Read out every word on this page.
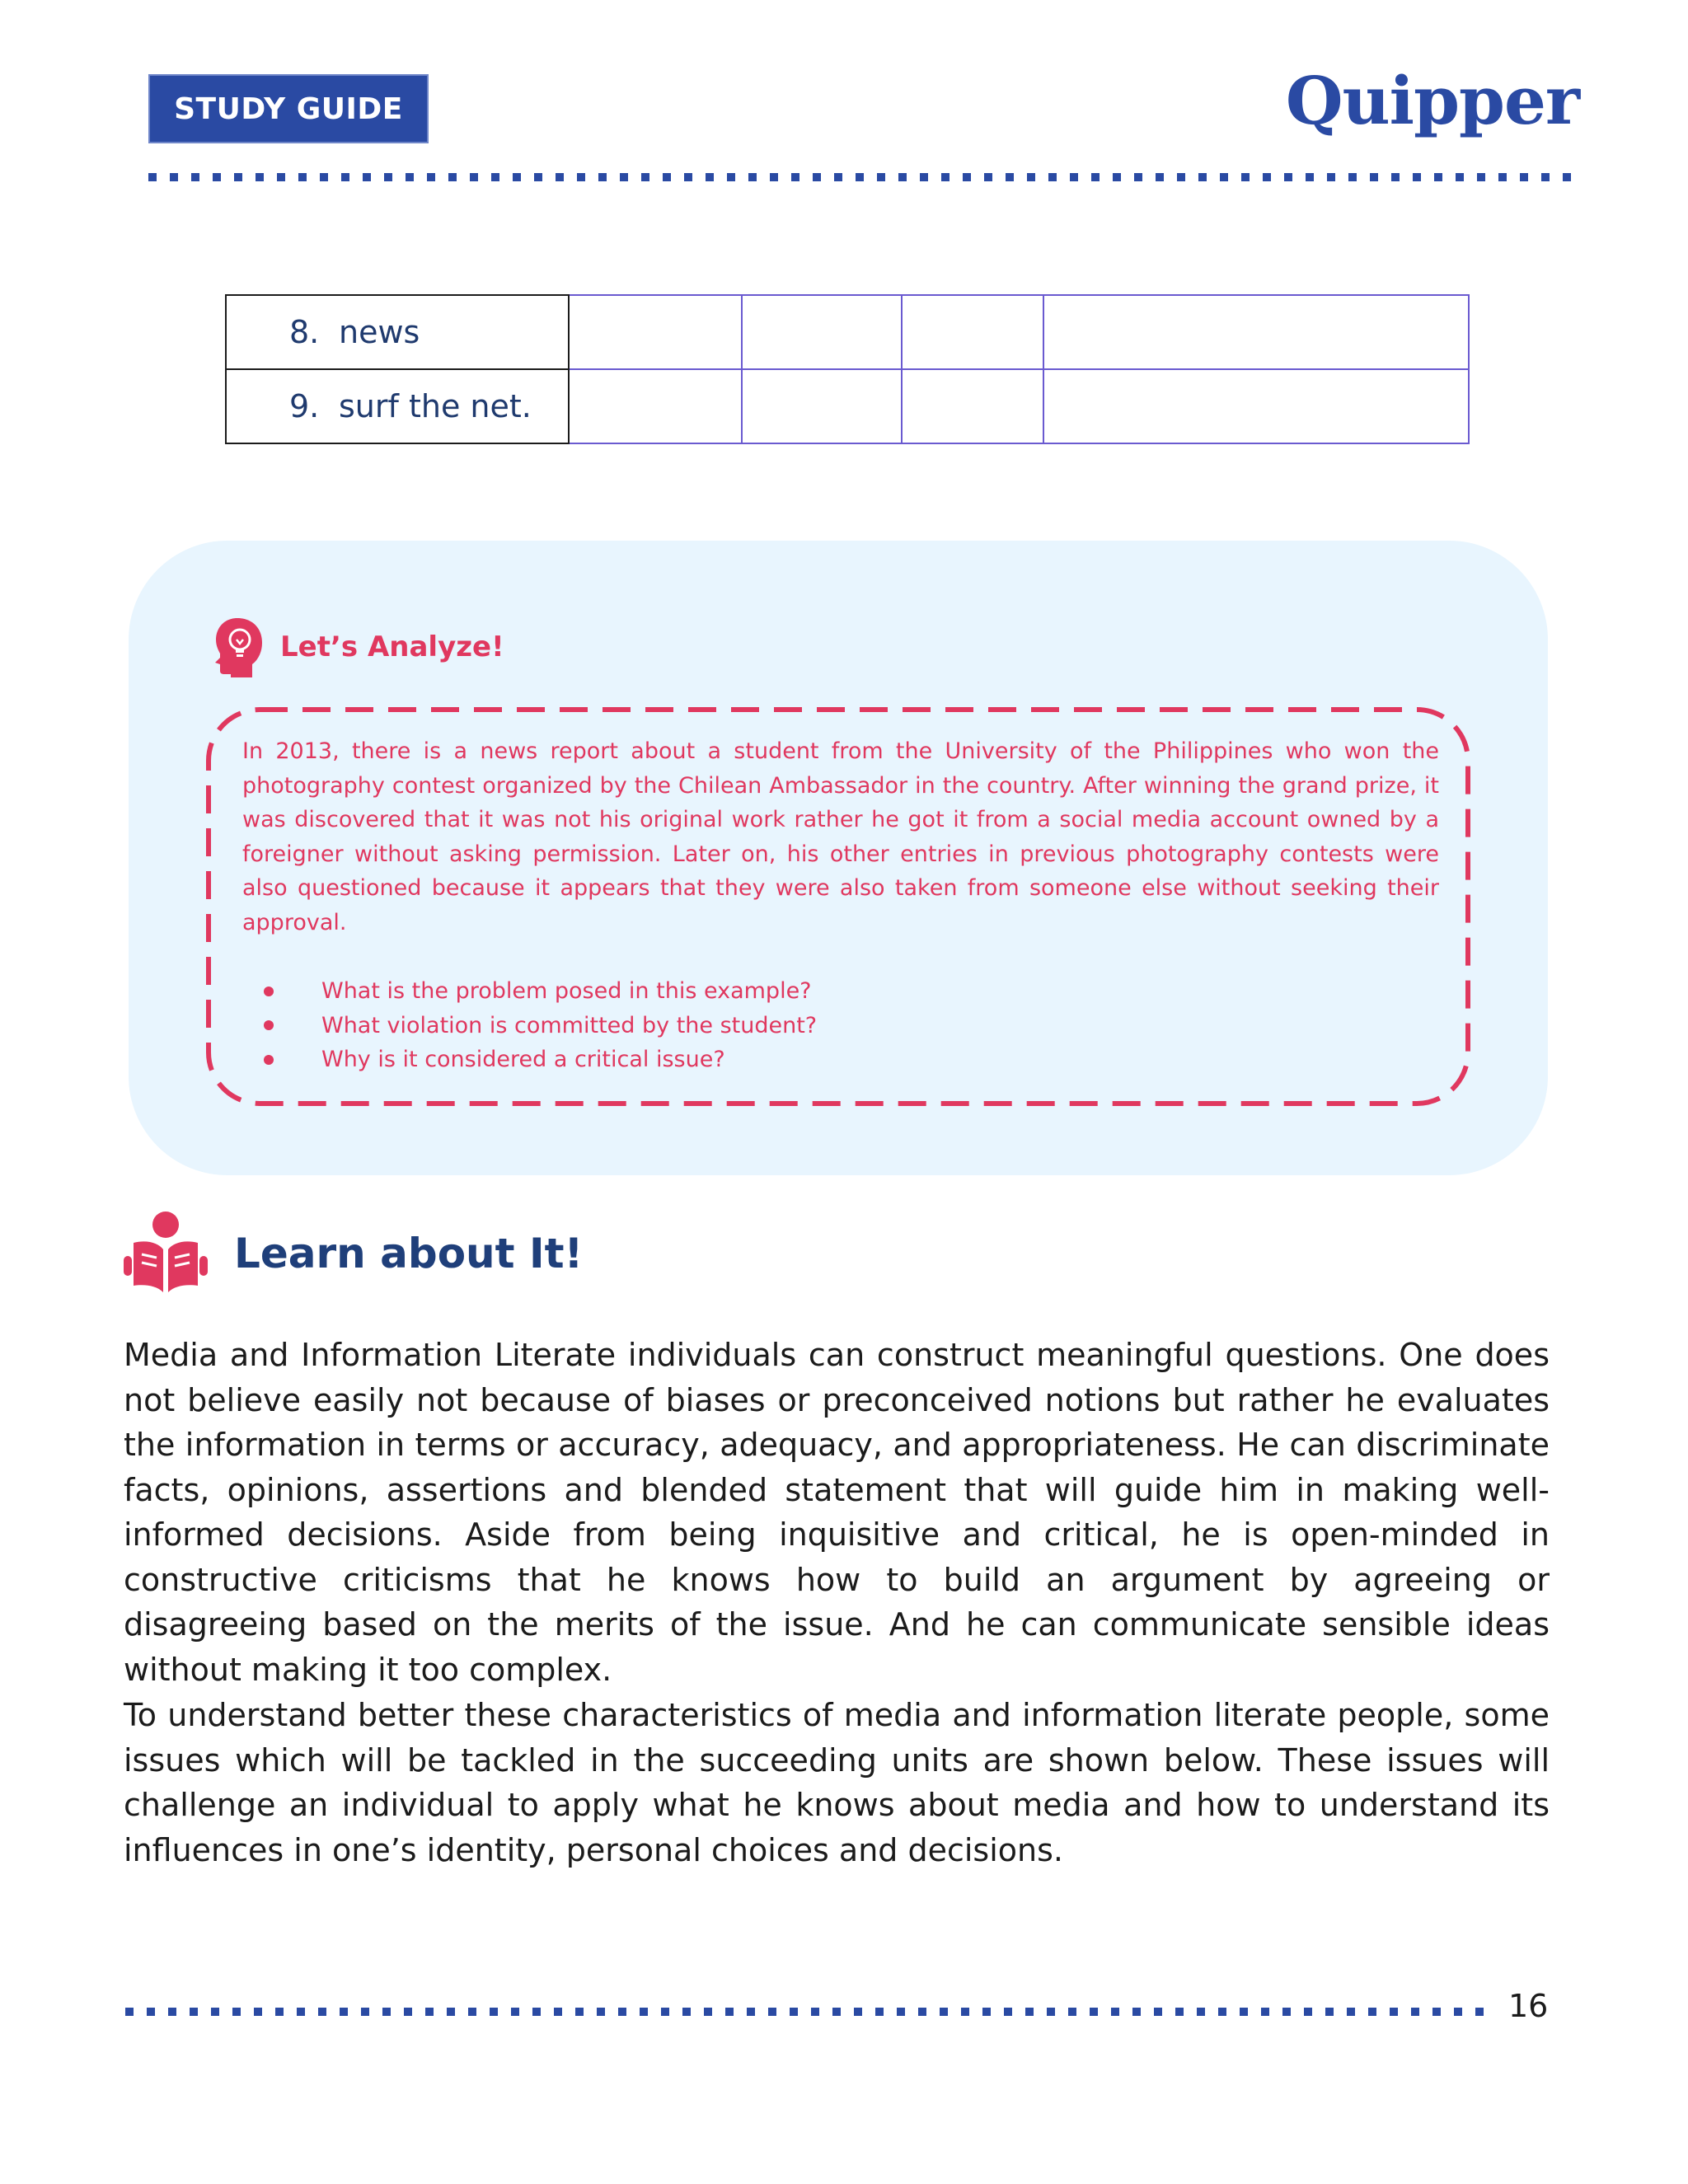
STUDY GUIDE	Quipper
8. news				

9. surf the net.				

Let’s Analyze!
In 2013, there is a news report about a student from the University of the Philippines who won the photography contest organized by the Chilean Ambassador in the country. After winning the grand prize, it was discovered that it was not his original work rather he got it from a social media account owned by a foreigner without asking permission. Later on, his other entries in previous photography contests were also questioned because it appears that they were also taken from someone else without seeking their approval.
What is the problem posed in this example?
What violation is committed by the student?
Why is it considered a critical issue?
Learn about It!

Media and Information Literate individuals can construct meaningful questions. One does not believe easily not because of biases or preconceived notions but rather he evaluates the information in terms or accuracy, adequacy, and appropriateness. He can discriminate facts, opinions, assertions and blended statement that will guide him in making well-informed decisions. Aside from being inquisitive and critical, he is open-minded in constructive criticisms that he knows how to build an argument by agreeing or disagreeing based on the merits of the issue. And he can communicate sensible ideas without making it too complex.

To understand better these characteristics of media and information literate people, some issues which will be tackled in the succeeding units are shown below. These issues will challenge an individual to apply what he knows about media and how to understand its influences in one’s identity, personal choices and decisions.

16
